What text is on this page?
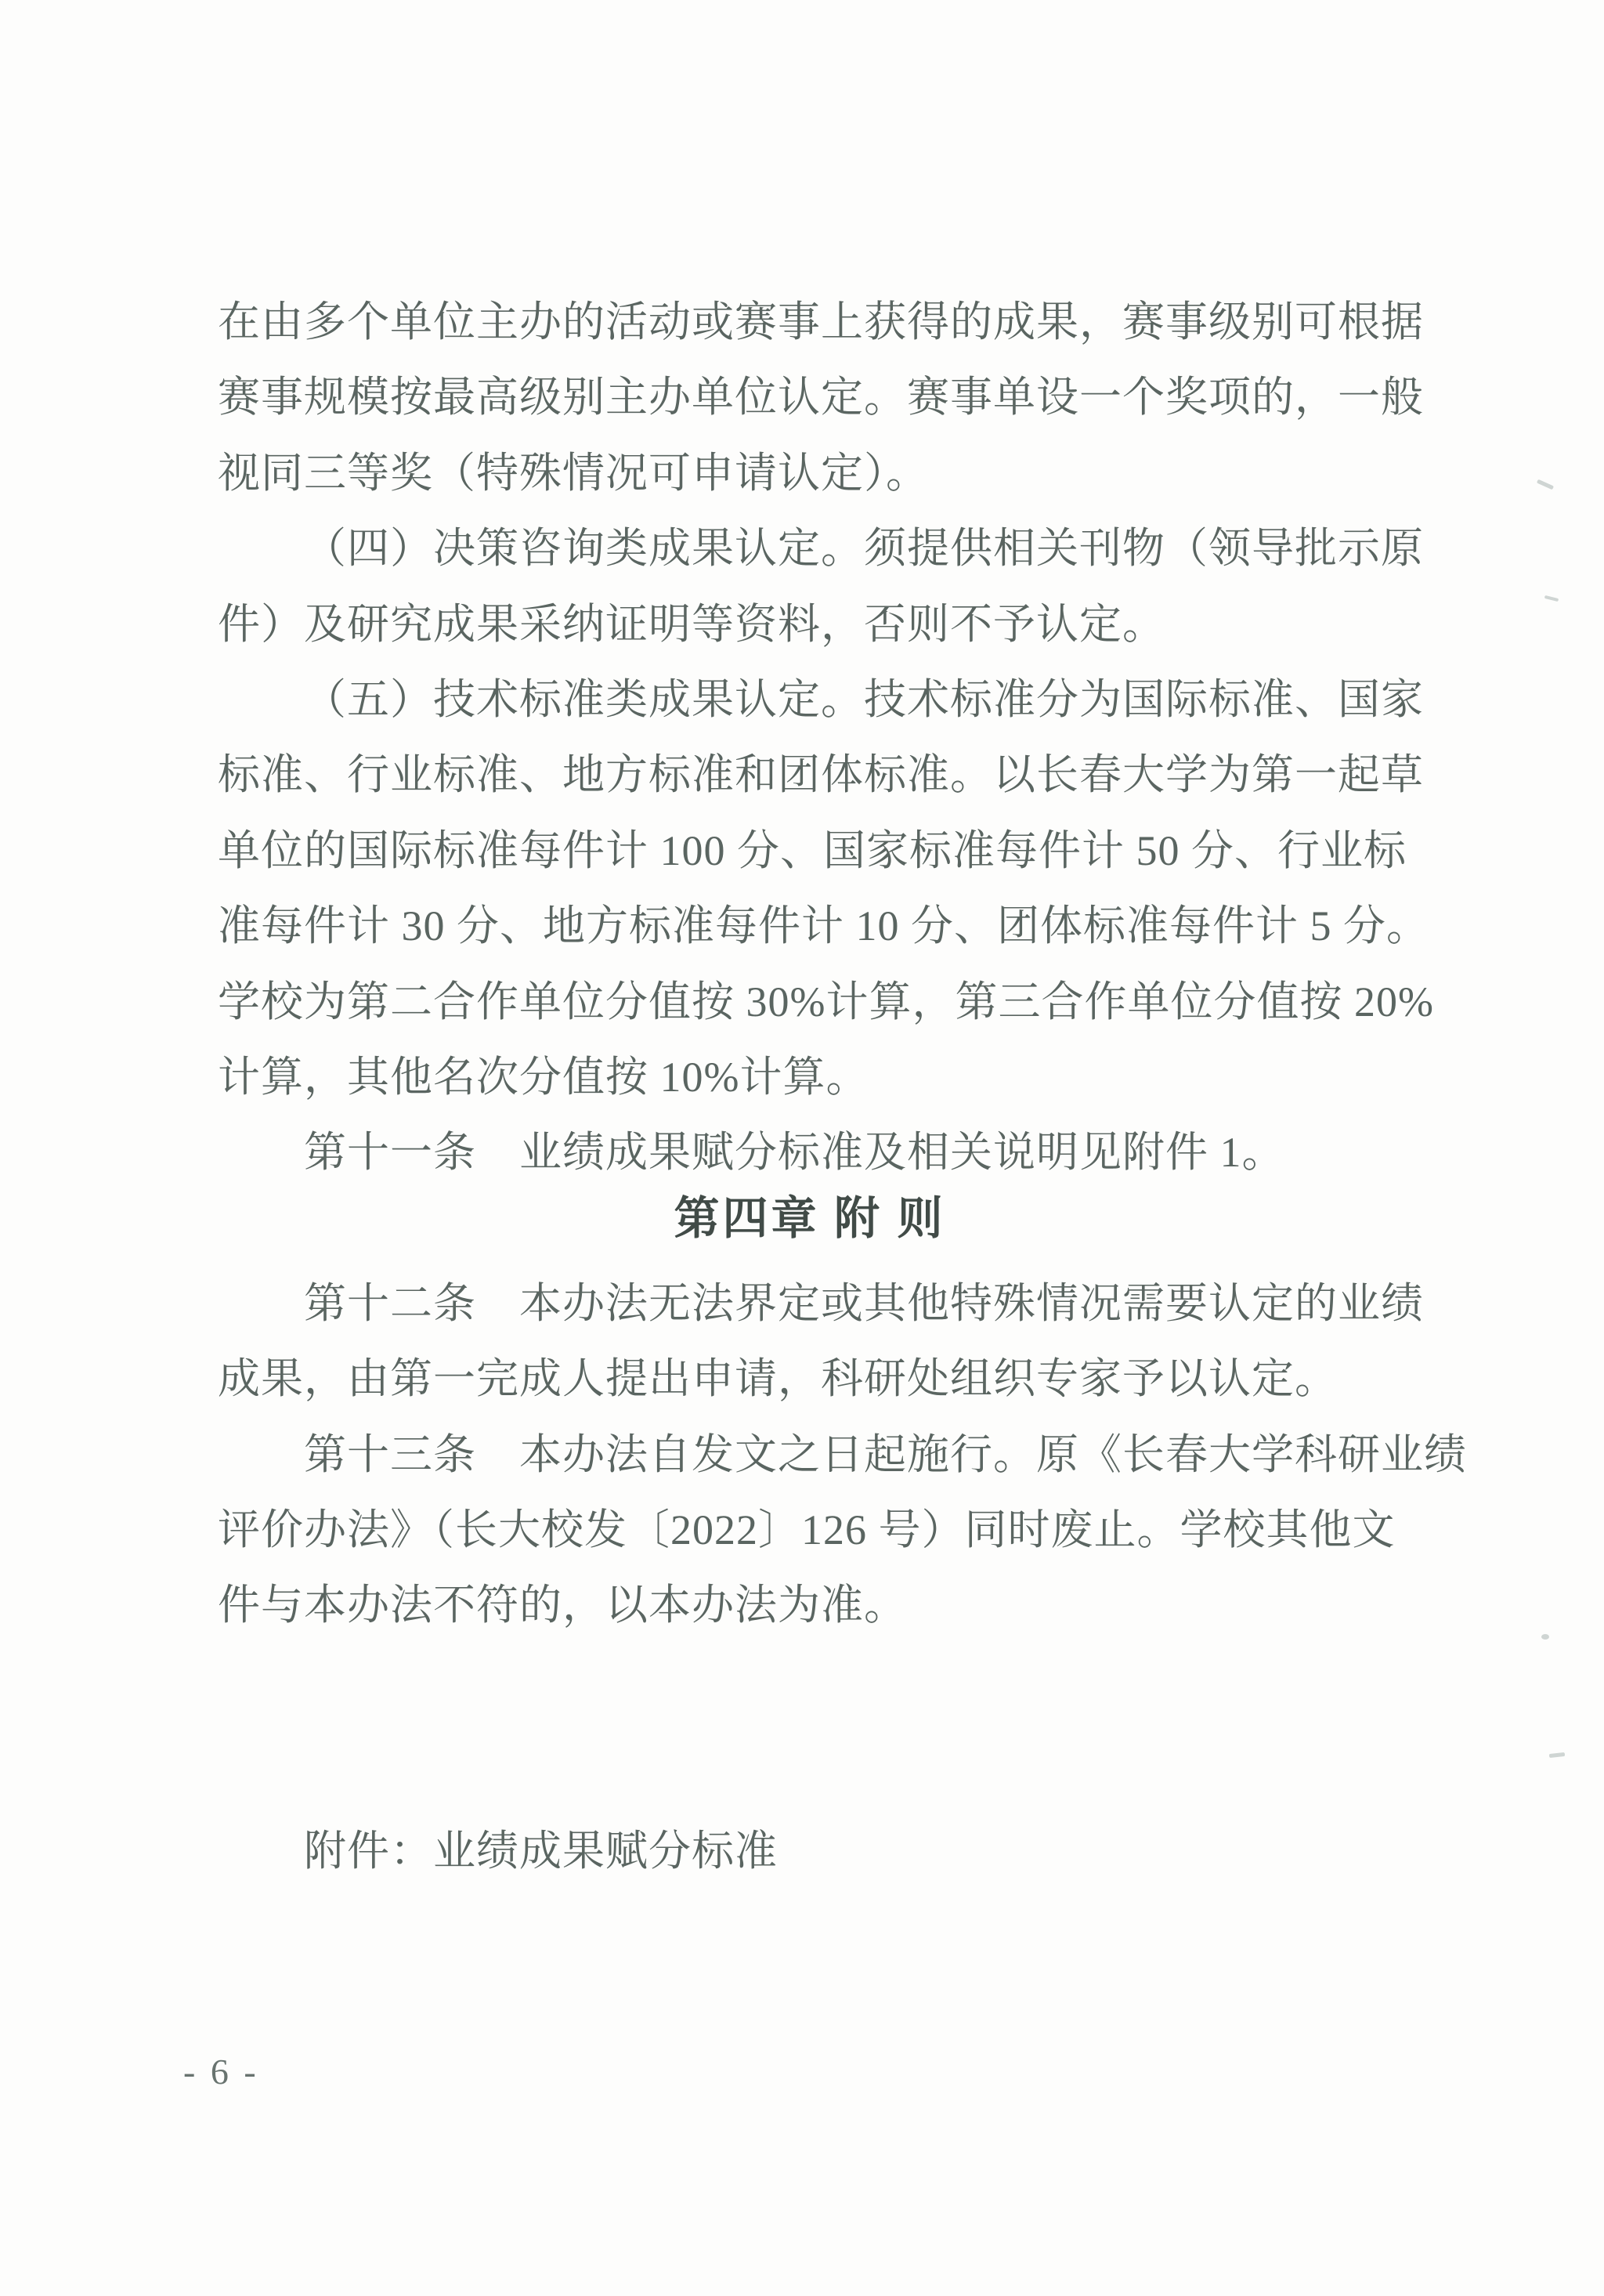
在由多个单位主办的活动或赛事上获得的成果，赛事级别可根据
赛事规模按最高级别主办单位认定。赛事单设一个奖项的，一般
视同三等奖（特殊情况可申请认定）。
（四）决策咨询类成果认定。须提供相关刊物（领导批示原
件）及研究成果采纳证明等资料，否则不予认定。
（五）技术标准类成果认定。技术标准分为国际标准、国家
标准、行业标准、地方标准和团体标准。以长春大学为第一起草
单位的国际标准每件计 100 分、国家标准每件计 50 分、行业标
准每件计 30 分、地方标准每件计 10 分、团体标准每件计 5 分。
学校为第二合作单位分值按 30%计算，第三合作单位分值按 20%
计算，其他名次分值按 10%计算。
第十一条　业绩成果赋分标准及相关说明见附件 1。
第四章 附 则
第十二条　本办法无法界定或其他特殊情况需要认定的业绩
成果，由第一完成人提出申请，科研处组织专家予以认定。
第十三条　本办法自发文之日起施行。原《长春大学科研业绩
评价办法》（长大校发〔2022〕126 号）同时废止。学校其他文
件与本办法不符的，以本办法为准。
附件：业绩成果赋分标准
- 6 -
